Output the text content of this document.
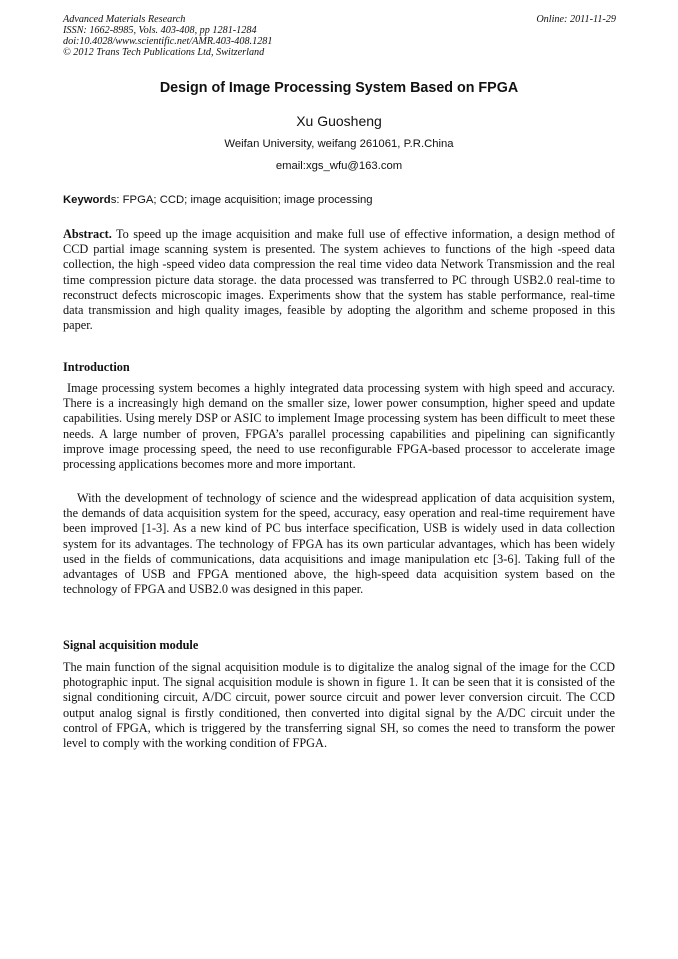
Advanced Materials Research
ISSN: 1662-8985, Vols. 403-408, pp 1281-1284
doi:10.4028/www.scientific.net/AMR.403-408.1281
© 2012 Trans Tech Publications Ltd, Switzerland
Online: 2011-11-29
Design of Image Processing System Based on FPGA
Xu Guosheng
Weifan University, weifang 261061, P.R.China
email:xgs_wfu@163.com
Keywords: FPGA; CCD; image acquisition; image processing

Abstract. To speed up the image acquisition and make full use of effective information, a design method of CCD partial image scanning system is presented. The system achieves to functions of the high -speed data collection, the high -speed video data compression the real time video data Network Transmission and the real time compression picture data storage. the data processed was transferred to PC through USB2.0 real-time to reconstruct defects microscopic images. Experiments show that the system has stable performance, real-time data transmission and high quality images, feasible by adopting the algorithm and scheme proposed in this paper.

Introduction

Image processing system becomes a highly integrated data processing system with high speed and accuracy. There is a increasingly high demand on the smaller size, lower power consumption, higher speed and update capabilities. Using merely DSP or ASIC to implement Image processing system has been difficult to meet these needs. A large number of proven, FPGA’s parallel processing capabilities and pipelining can significantly improve image processing speed, the need to use reconfigurable FPGA-based processor to accelerate image processing applications becomes more and more important.

With the development of technology of science and the widespread application of data acquisition system, the demands of data acquisition system for the speed, accuracy, easy operation and real-time requirement have been improved [1-3]. As a new kind of PC bus interface specification, USB is widely used in data collection system for its advantages. The technology of FPGA has its own particular advantages, which has been widely used in the fields of communications, data acquisitions and image manipulation etc [3-6]. Taking full of the advantages of USB and FPGA mentioned above, the high-speed data acquisition system based on the technology of FPGA and USB2.0 was designed in this paper.

Signal acquisition module

The main function of the signal acquisition module is to digitalize the analog signal of the image for the CCD photographic input. The signal acquisition module is shown in figure 1. It can be seen that it is consisted of the signal conditioning circuit, A/DC circuit, power source circuit and power lever conversion circuit. The CCD output analog signal is firstly conditioned, then converted into digital signal by the A/DC circuit under the control of FPGA, which is triggered by the transferring signal SH, so comes the need to transform the power level to comply with the working condition of FPGA.
